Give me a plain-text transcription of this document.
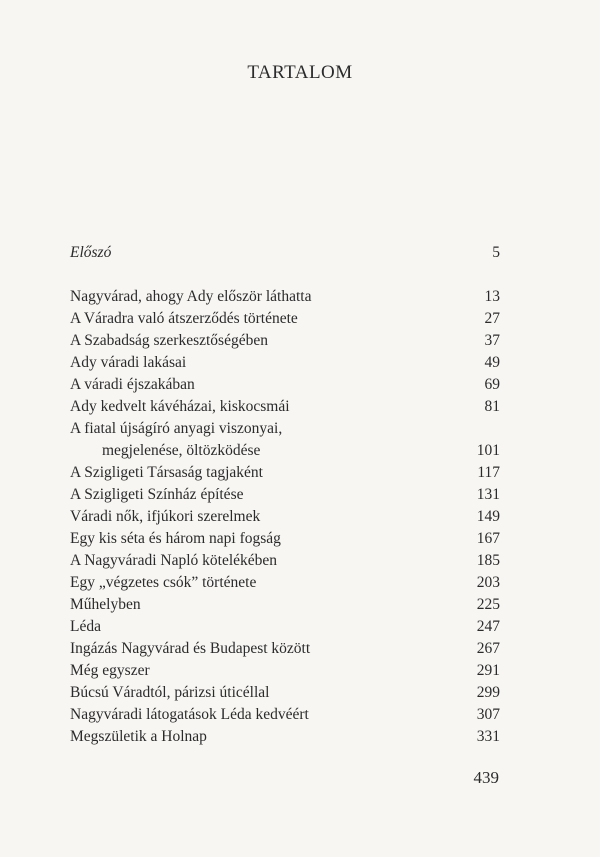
TARTALOM
Előszó	5
Nagyvárad, ahogy Ady először láthatta	13
A Váradra való átszerződés története	27
A Szabadság szerkesztőségében	37
Ady váradi lakásai	49
A váradi éjszakában	69
Ady kedvelt kávéházai, kiskocsmái	81
A fiatal újságíró anyagi viszonyai,
megjelenése, öltözködése	101
A Szigligeti Társaság tagjaként	117
A Szigligeti Színház építése	131
Váradi nők, ifjúkori szerelmek	149
Egy kis séta és három napi fogság	167
A Nagyváradi Napló kötelékében	185
Egy „végzetes csók” története	203
Műhelyben	225
Léda	247
Ingázás Nagyvárad és Budapest között	267
Még egyszer	291
Búcsú Váradtól, párizsi úticéllal	299
Nagyváradi látogatások Léda kedvéért	307
Megszületik a Holnap	331
439
